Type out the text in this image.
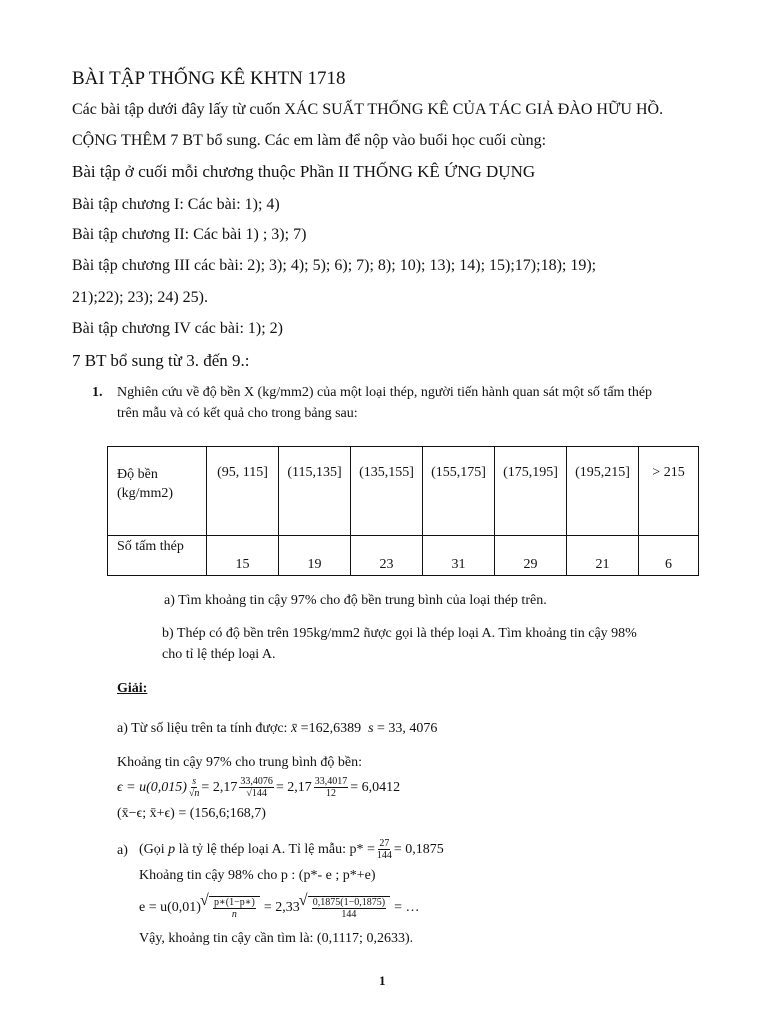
BÀI TẬP THỐNG KÊ KHTN 1718
Các bài tập dưới đây lấy từ cuốn XÁC SUẤT THỐNG KÊ CỦA TÁC GIẢ ĐÀO HỮU HỒ.
CỘNG THÊM 7 BT bổ sung. Các em làm để nộp vào buổi học cuối cùng:
Bài tập ở cuối mỗi chương thuộc Phần II THỐNG KÊ ỨNG DỤNG
Bài tập chương I: Các bài: 1); 4)
Bài tập chương II: Các bài 1) ; 3); 7)
Bài tập chương III các bài: 2); 3); 4); 5); 6); 7); 8); 10); 13); 14); 15);17);18); 19);
21);22); 23); 24) 25).
Bài tập chương IV các bài: 1); 2)
7 BT bổ sung từ 3. đến 9.:
1. Nghiên cứu về độ bền X (kg/mm2) của một loại thép, người tiến hành quan sát một số tấm thép
trên mẫu và có kết quả cho trong bảng sau:
Độ bền
(kg/mm2)	(95, 115]	(115,135]	(135,155]	(155,175]	(175,195]	(195,215]	> 215
Số tấm thép	15	19	23	31	29	21	6
a) Tìm khoảng tin cậy 97% cho độ bền trung bình của loại thép trên.
b) Thép có độ bền trên 195kg/mm2 ñược gọi là thép loại A. Tìm khoảng tin cậy 98%
cho tỉ lệ thép loại A.
Giải:
a) Từ số liệu trên ta tính được: x̄ =162,6389 s = 33, 4076
Khoảng tin cậy 97% cho trung bình độ bền:
$\epsilon = u(0,015) \frac{s}{√n} = 2,17 \frac{33,4076}{√144} = 2,17 \frac{33,4017}{12} = 6,0412$
(x̄−ϵ; x̄+ϵ) = (156,6;168,7)
a) (Gọi
p
là tỷ lệ thép loại A. Tỉ lệ mẫu: $p* = \frac{27}{144} = 0,1875$
Khoảng tin cậy 98% cho p : (p*- e ; p*+e)
e = u(0,01) √ $\frac{p∗(1-p∗)}{n} = 2,33$ √ $\frac{0,1875(1-0,1875)}{144}$ = …
Vậy, khoảng tin cậy cần tìm là: (0,1117; 0,2633).
1
